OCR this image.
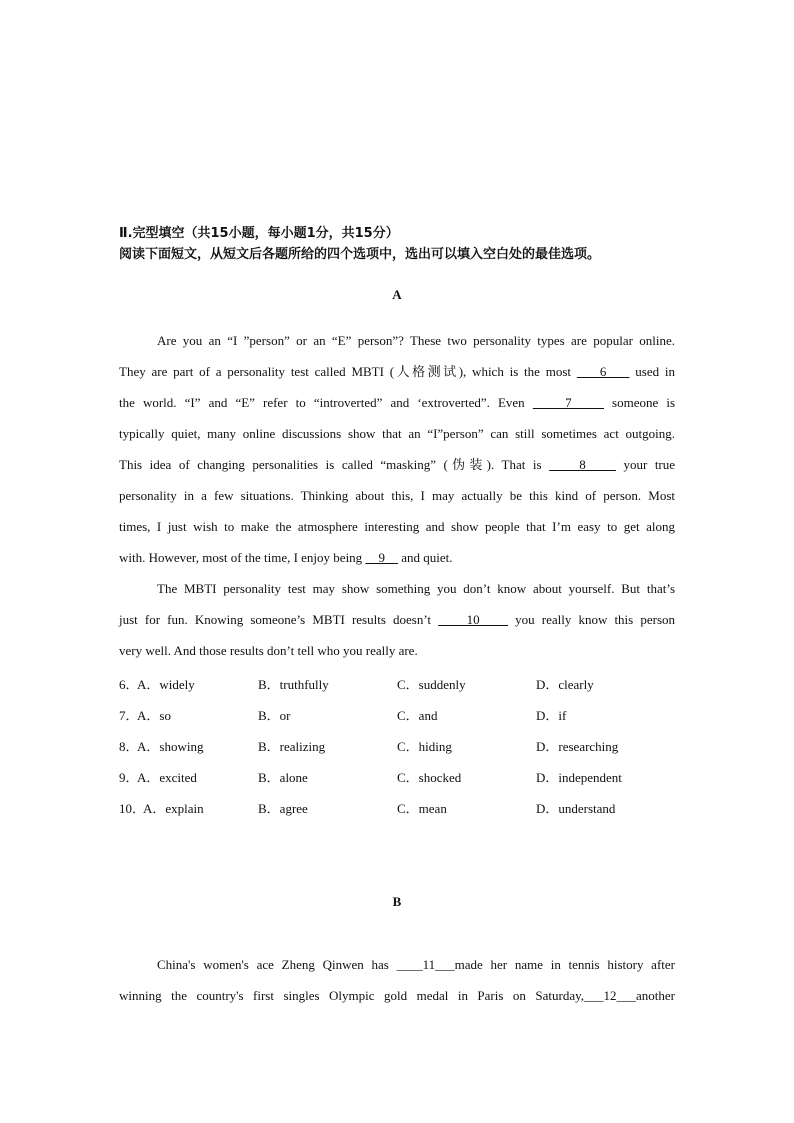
Ⅱ.完型填空（共15小题，每小题1分，共15分）
阅读下面短文，从短文后各题所给的四个选项中，选出可以填入空白处的最佳选项。
A
Are you an “I ”person” or an “E” person”? These two personality types are popular online.
They are part of a personality test called MBTI (人格测试), which is the most     6     used in
the world. “I” and “E” refer to “introverted” and ‘extroverted”. Even     7     someone is
typically quiet, many online discussions show that an “I”person” can still sometimes act outgoing.
This idea of changing personalities is called “masking” (伪装). That is     8     your true
personality in a few situations. Thinking about this, I may actually be this kind of person. Most
times, I just wish to make the atmosphere interesting and show people that I’m easy to get along
with. However, most of the time, I enjoy being     9     and quiet.
The MBTI personality test may show something you don’t know about yourself. But that’s
just for fun. Knowing someone’s MBTI results doesn’t     10     you really know this person
very well. And those results don’t tell who you really are.
6．
A．widely	B．truthfully	C．suddenly	D．clearly
7．
A．so	B．or	C．and	D．if
8．
A．showing	B．realizing	C．hiding	D．researching
9．
A．excited	B．alone	C．shocked	D．independent
10．
A．explain	B．agree	C．mean	D．understand
B
China's women's ace Zheng Qinwen has ____11___made her name in tennis history after
winning the country's first singles Olympic gold medal in Paris on Saturday,___12___another
